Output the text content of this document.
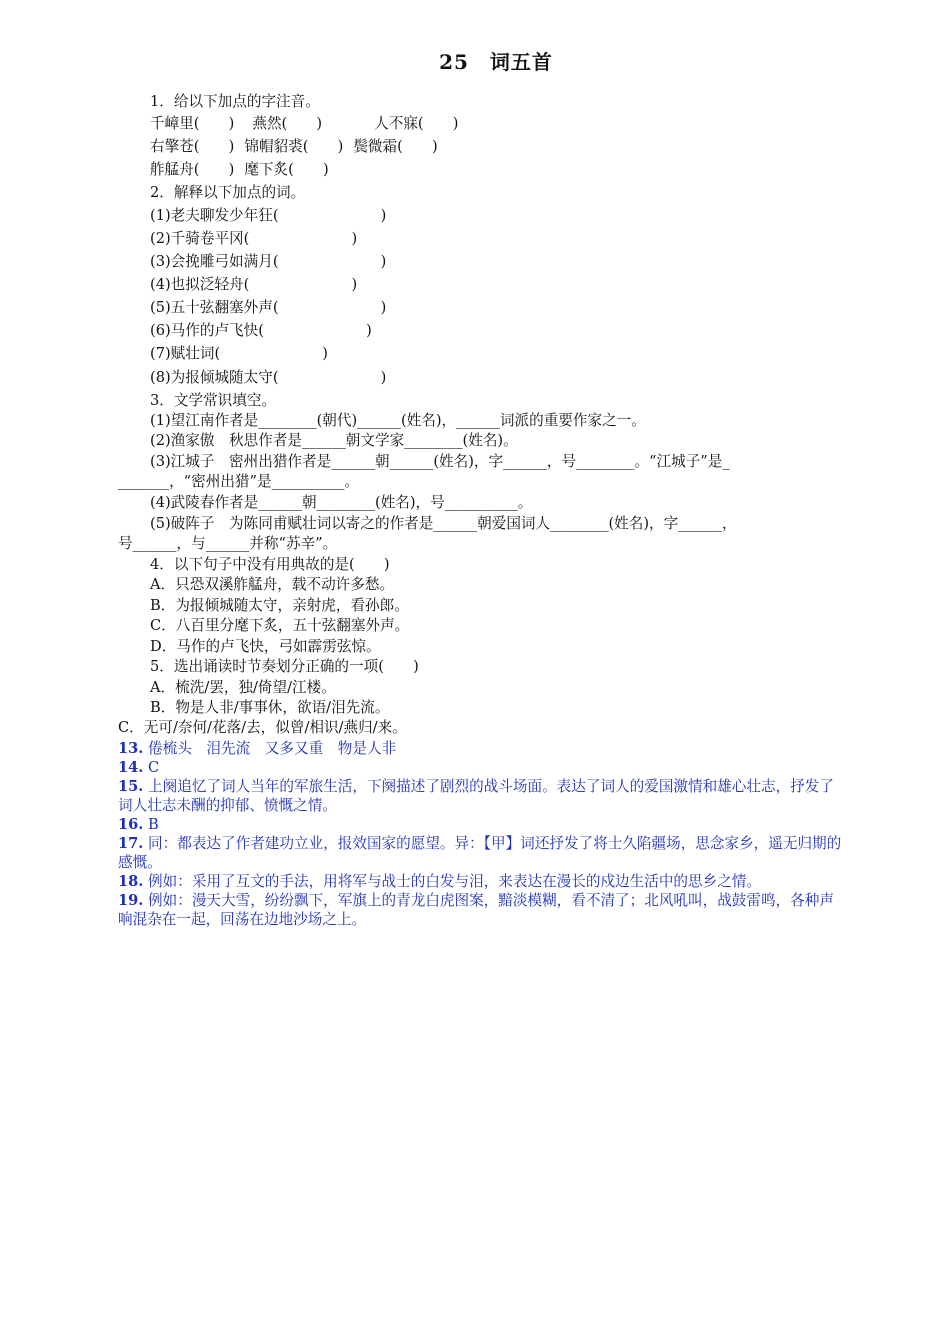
25　词五首
1．给以下加点的字注音。
千嶂里(　　) 燕然(　　)	人不寐(　　)
右擎苍(　　) 锦帽貂裘(　　) 鬓微霜(　　)
舴艋舟(　　) 麾下炙(　　)
2．解释以下加点的词。
(1)老夫聊发少年狂(　　　　　　　)
(2)千骑卷平冈(　　　　　　　)
(3)会挽雕弓如满月(　　　　　　　)
(4)也拟泛轻舟(　　　　　　　)
(5)五十弦翻塞外声(　　　　　　　)
(6)马作的卢飞快(　　　　　　　)
(7)赋壮词(　　　　　　　)
(8)为报倾城随太守(　　　　　　　)
3．文学常识填空。
(1)望江南作者是________(朝代)______(姓名)，______词派的重要作家之一。
(2)渔家傲　秋思作者是______朝文学家________(姓名)。
(3)江城子　密州出猎作者是______朝______(姓名)，字______，号________。“江城子”是_
_______，“密州出猎”是__________。
(4)武陵春作者是______朝________(姓名)，号__________。
(5)破阵子　为陈同甫赋壮词以寄之的作者是______朝爱国词人________(姓名)，字______，
号______，与______并称“苏辛”。
4．以下句子中没有用典故的是(　　)
A．只恐双溪舴艋舟，载不动许多愁。
B．为报倾城随太守，亲射虎，看孙郎。
C．八百里分麾下炙，五十弦翻塞外声。
D．马作的卢飞快，弓如霹雳弦惊。
5．选出诵读时节奏划分正确的一项(　　)
A．梳洗/罢，独/倚望/江楼。
B．物是人非/事事休，欲语/泪先流。
C．无可/奈何/花落/去，似曾/相识/燕归/来。
13. 倦梳头　泪先流　又多又重　物是人非
14. C
15. 上阕追忆了词人当年的军旅生活，下阕描述了剧烈的战斗场面。表达了词人的爱国激情和雄心壮志，抒发了词人壮志未酬的抑郁、愤慨之情。
16. B
17. 同：都表达了作者建功立业，报效国家的愿望。异：【甲】词还抒发了将士久陷疆场，思念家乡，遥无归期的感慨。
18. 例如：采用了互文的手法，用将军与战士的白发与泪，来表达在漫长的戍边生活中的思乡之情。
19. 例如：漫天大雪，纷纷飘下，军旗上的青龙白虎图案，黯淡模糊，看不清了；北风吼叫，战鼓雷鸣，各种声响混杂在一起，回荡在边地沙场之上。
